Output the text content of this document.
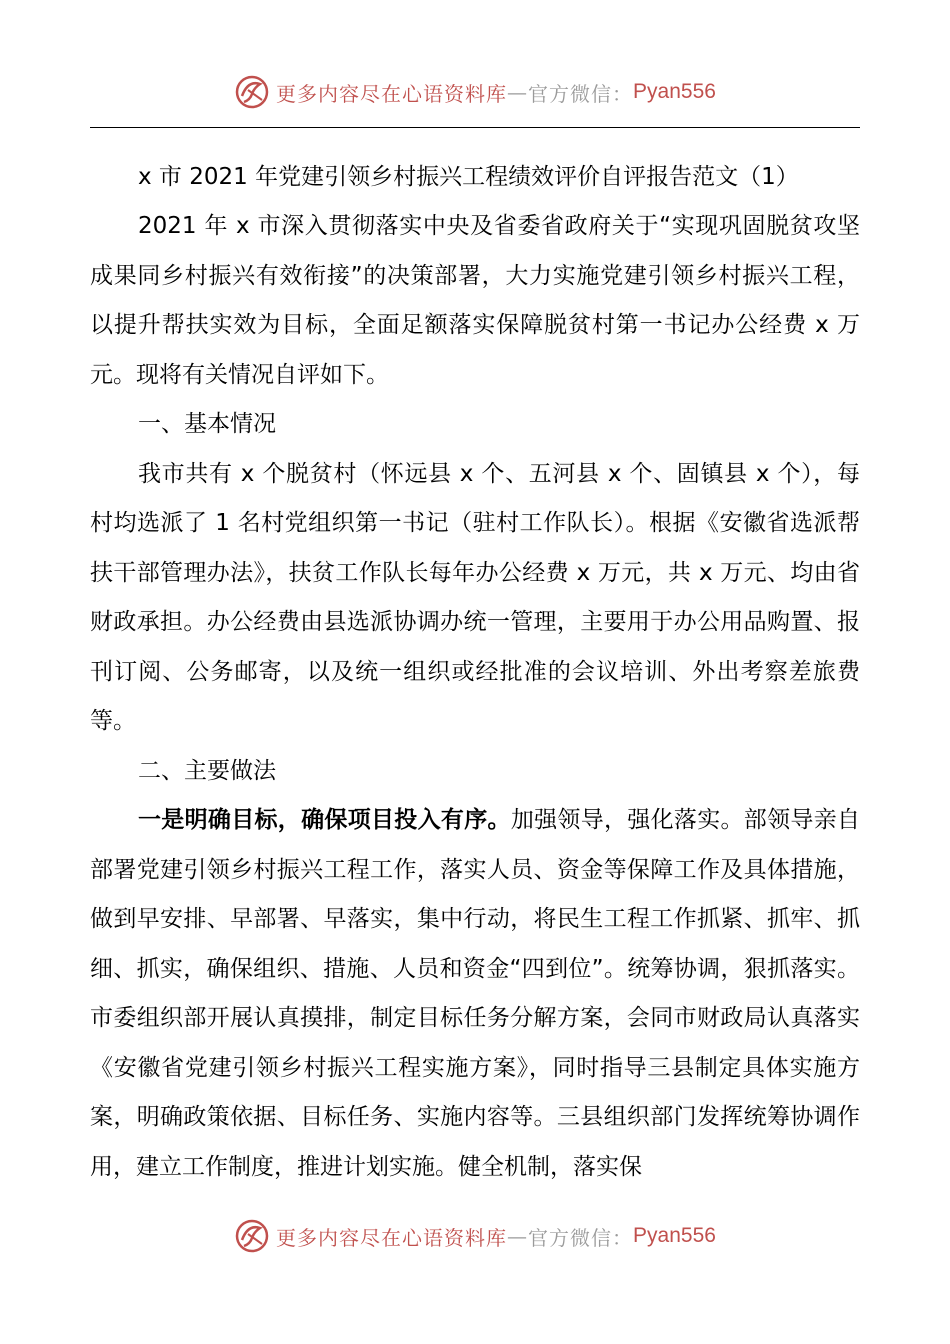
更多内容尽在心语资料库 — 官方微信： Pyan556
x 市 2021 年党建引领乡村振兴工程绩效评价自评报告范文（1）

2021 年 x 市深入贯彻落实中央及省委省政府关于“实现巩固脱贫攻坚成果同乡村振兴有效衔接”的决策部署，大力实施党建引领乡村振兴工程，以提升帮扶实效为目标，全面足额落实保障脱贫村第一书记办公经费 x 万元。现将有关情况自评如下。

一、基本情况

我市共有 x 个脱贫村（怀远县 x 个、五河县 x 个、固镇县 x 个），每村均选派了 1 名村党组织第一书记（驻村工作队长）。根据《安徽省选派帮扶干部管理办法》，扶贫工作队长每年办公经费 x 万元，共 x 万元、均由省财政承担。办公经费由县选派协调办统一管理，主要用于办公用品购置、报刊订阅、公务邮寄，以及统一组织或经批准的会议培训、外出考察差旅费等。

二、主要做法

一是明确目标，确保项目投入有序。加强领导，强化落实。部领导亲自部署党建引领乡村振兴工程工作，落实人员、资金等保障工作及具体措施，做到早安排、早部署、早落实，集中行动，将民生工程工作抓紧、抓牢、抓细、抓实，确保组织、措施、人员和资金“四到位”。统筹协调，狠抓落实。市委组织部开展认真摸排，制定目标任务分解方案，会同市财政局认真落实《安徽省党建引领乡村振兴工程实施方案》，同时指导三县制定具体实施方案，明确政策依据、目标任务、实施内容等。三县组织部门发挥统筹协调作用，建立工作制度，推进计划实施。健全机制，落实保

更多内容尽在心语资料库 — 官方微信： Pyan556
